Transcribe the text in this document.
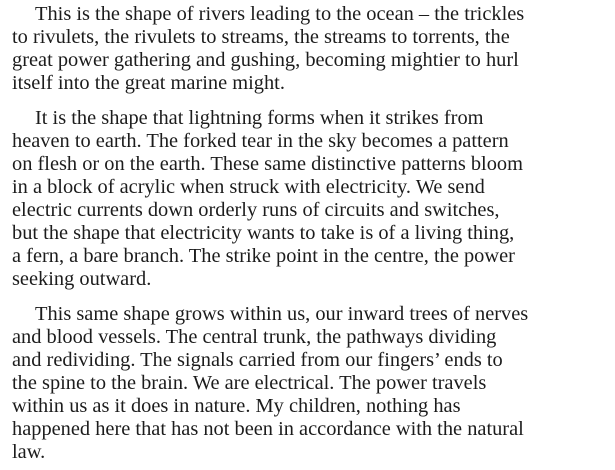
This is the shape of rivers leading to the ocean – the trickles
to rivulets, the rivulets to streams, the streams to torrents, the
great power gathering and gushing, becoming mightier to hurl
itself into the great marine might.
It is the shape that lightning forms when it strikes from
heaven to earth. The forked tear in the sky becomes a pattern
on flesh or on the earth. These same distinctive patterns bloom
in a block of acrylic when struck with electricity. We send
electric currents down orderly runs of circuits and switches,
but the shape that electricity wants to take is of a living thing,
a fern, a bare branch. The strike point in the centre, the power
seeking outward.
This same shape grows within us, our inward trees of nerves
and blood vessels. The central trunk, the pathways dividing
and redividing. The signals carried from our fingers’ ends to
the spine to the brain. We are electrical. The power travels
within us as it does in nature. My children, nothing has
happened here that has not been in accordance with the natural
law.
